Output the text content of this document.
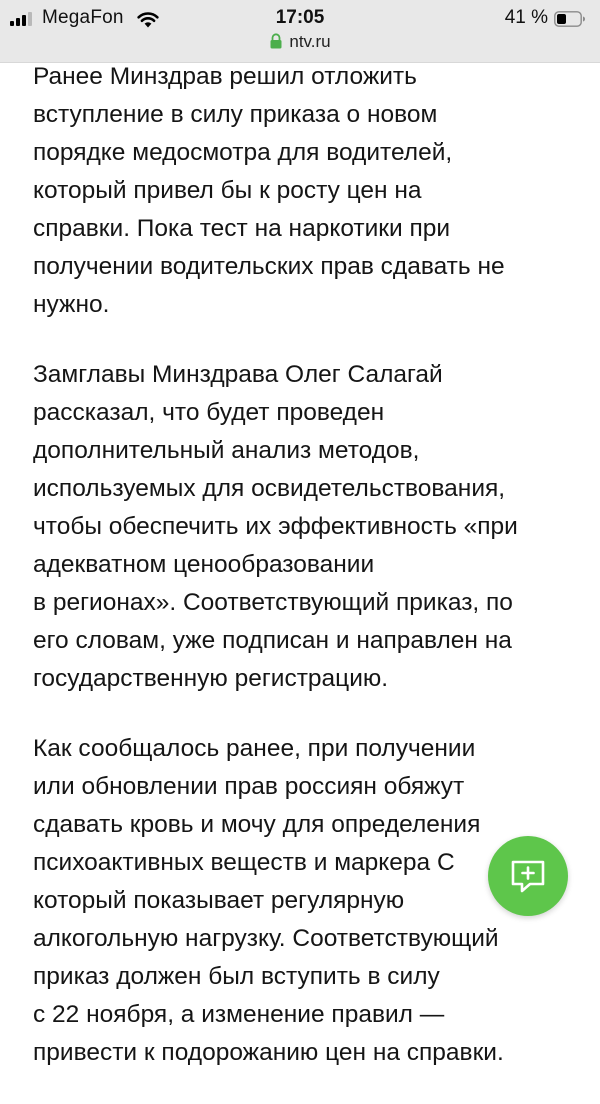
MegaFon	17:05	41 %
ntv.ru

Ранее Минздрав решил отложить
вступление в силу приказа о новом
порядке медосмотра для водителей,
который привел бы к росту цен на
справки. Пока тест на наркотики при
получении водительских прав сдавать не
нужно.

Замглавы Минздрава Олег Салагай
рассказал, что будет проведен
дополнительный анализ методов,
используемых для освидетельствования,
чтобы обеспечить их эффективность «при
адекватном ценообразовании
в регионах». Соответствующий приказ, по
его словам, уже подписан и направлен на
государственную регистрацию.

Как сообщалось ранее, при получении
или обновлении прав россиян обяжут
сдавать кровь и мочу для определения
психоактивных веществ и маркера С
который показывает регулярную
алкогольную нагрузку. Соответствующий
приказ должен был вступить в силу
с 22 ноября, а изменение правил —
привести к подорожанию цен на справки.
